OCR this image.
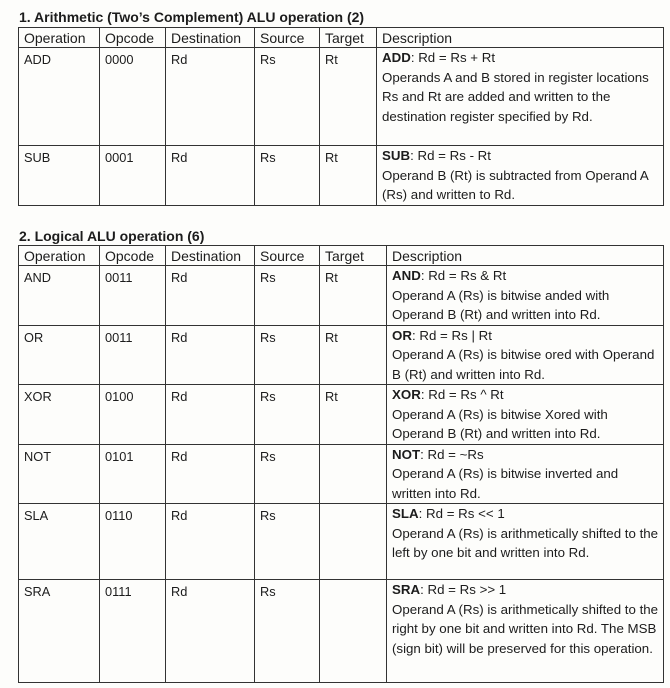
1. Arithmetic (Two’s Complement) ALU operation (2)
Operation	Opcode	Destination	Source	Target	Description
ADD	0000	Rd	Rs	Rt	ADD: Rd = Rs + Rt
Operands A and B stored in register locations Rs and Rt are added and written to the destination register specified by Rd.

SUB	0001	Rd	Rs	Rt	SUB: Rd = Rs - Rt
Operand B (Rt) is subtracted from Operand A (Rs) and written to Rd.
2. Logical ALU operation (6)
Operation	Opcode	Destination	Source	Target	Description
AND	0011	Rd	Rs	Rt	AND: Rd = Rs & Rt
Operand A (Rs) is bitwise anded with Operand B (Rt) and written into Rd.

OR	0011	Rd	Rs	Rt	OR: Rd = Rs | Rt
Operand A (Rs) is bitwise ored with Operand B (Rt) and written into Rd.

XOR	0100	Rd	Rs	Rt	XOR: Rd = Rs ^ Rt
Operand A (Rs) is bitwise Xored with Operand B (Rt) and written into Rd.

NOT	0101	Rd	Rs		NOT: Rd = ~Rs
Operand A (Rs) is bitwise inverted and written into Rd.

SLA	0110	Rd	Rs		SLA: Rd = Rs << 1
Operand A (Rs) is arithmetically shifted to the left by one bit and written into Rd.

SRA	0111	Rd	Rs		SRA: Rd = Rs >> 1
Operand A (Rs) is arithmetically shifted to the right by one bit and written into Rd. The MSB (sign bit) will be preserved for this operation.
